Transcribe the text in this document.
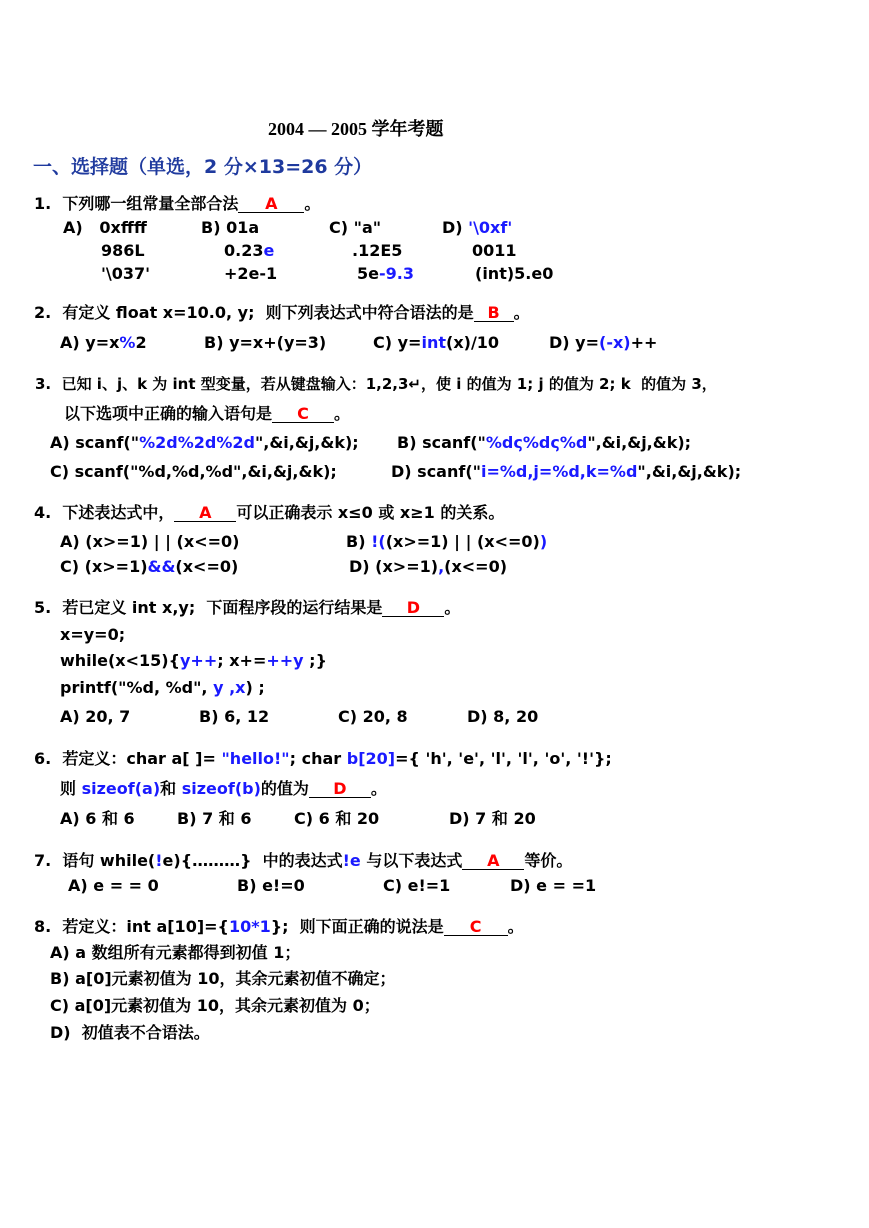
2004 — 2005 学年考题
一、选择题（单选，2 分×13=26 分）
1.  下列哪一组常量全部合法 A 。
A)   0xffff	B) 01a	C) "a"	D) '\0xf'
986L	0.23e	.12E5	0011
'\037'	+2e-1	5e-9.3	(int)5.e0
2.  有定义 float x=10.0, y;  则下列表达式中符合语法的是 B 。
A) y=x%2	B) y=x+(y=3)	C) y=int(x)/10	D) y=(-x)++
3.  已知 i、j、k 为 int 型变量，若从键盘输入：1,2,3↵，使 i 的值为 1; j 的值为 2; k  的值为 3，
以下选项中正确的输入语句是 C 。
A) scanf("%2d%2d%2d",&i,&j,&k); B) scanf("%dς%dς%d",&i,&j,&k);
C) scanf("%d,%d,%d",&i,&j,&k);	D) scanf("i=%d,j=%d,k=%d",&i,&j,&k);
4.  下述表达式中， A 可以正确表示 x≤0 或 x≥1 的关系。
A) (x>=1) | | (x<=0)	B) !((x>=1) | | (x<=0))
C) (x>=1)&&(x<=0)	D) (x>=1),(x<=0)
5.  若已定义 int x,y;  下面程序段的运行结果是 D 。
x=y=0;
while(x<15){y++; x+=++y ;}
printf("%d, %d", y ,x) ;
A) 20, 7	B) 6, 12	C) 20, 8	D) 8, 20
6.  若定义：char a[ ]= "hello!"; char b[20]={ 'h', 'e', 'l', 'l', 'o', '!'};
则 sizeof(a)和 sizeof(b)的值为 D 。
A) 6 和 6	B) 7 和 6	C) 6 和 20	D) 7 和 20
7.  语句 while(!e){………}  中的表达式!e 与以下表达式 A 等价。
A) e = = 0	B) e!=0	C) e!=1	D) e = =1
8.  若定义：int a[10]={10*1};  则下面正确的说法是 C 。
A) a 数组所有元素都得到初值 1；
B) a[0]元素初值为 10，其余元素初值不确定；
C) a[0]元素初值为 10，其余元素初值为 0；
D)  初值表不合语法。
